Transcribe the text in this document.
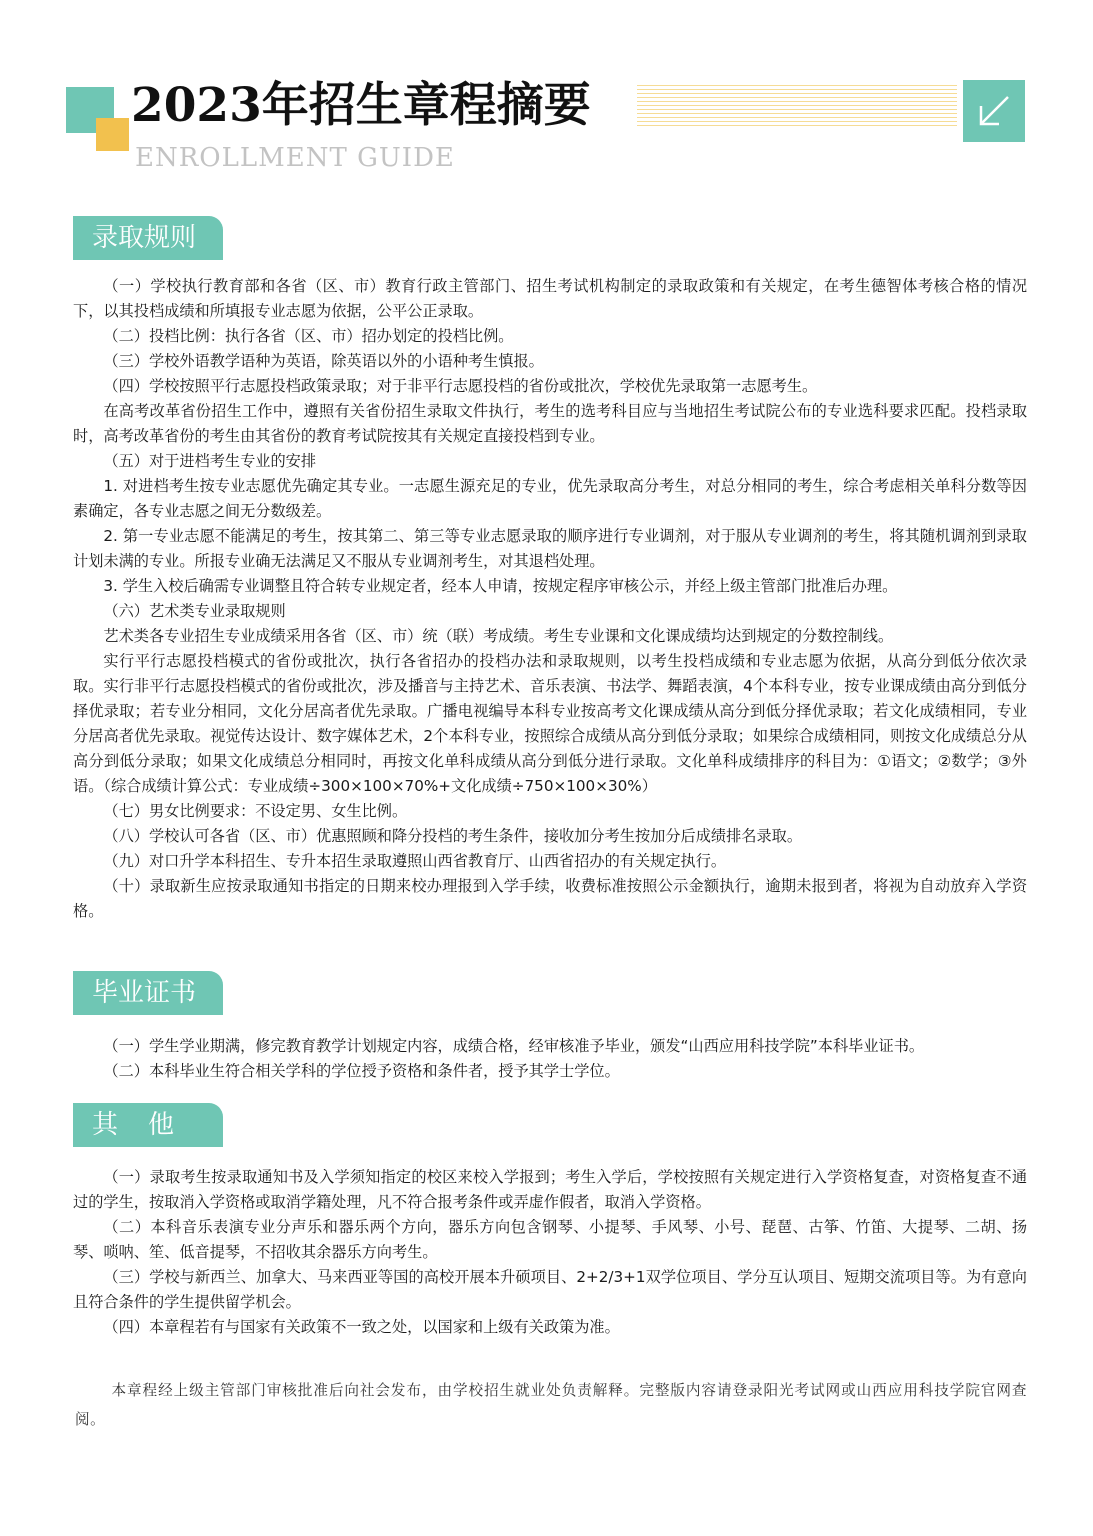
2023年招生章程摘要
ENROLLMENT GUIDE
录取规则

（一）学校执行教育部和各省（区、市）教育行政主管部门、招生考试机构制定的录取政策和有关规定，在考生德智体考核合格的情况下，以其投档成绩和所填报专业志愿为依据，公平公正录取。

（二）投档比例：执行各省（区、市）招办划定的投档比例。

（三）学校外语教学语种为英语，除英语以外的小语种考生慎报。

（四）学校按照平行志愿投档政策录取；对于非平行志愿投档的省份或批次，学校优先录取第一志愿考生。

在高考改革省份招生工作中，遵照有关省份招生录取文件执行，考生的选考科目应与当地招生考试院公布的专业选科要求匹配。投档录取时，高考改革省份的考生由其省份的教育考试院按其有关规定直接投档到专业。

（五）对于进档考生专业的安排

1. 对进档考生按专业志愿优先确定其专业。一志愿生源充足的专业，优先录取高分考生，对总分相同的考生，综合考虑相关单科分数等因素确定，各专业志愿之间无分数级差。

2. 第一专业志愿不能满足的考生，按其第二、第三等专业志愿录取的顺序进行专业调剂，对于服从专业调剂的考生，将其随机调剂到录取计划未满的专业。所报专业确无法满足又不服从专业调剂考生，对其退档处理。

3. 学生入校后确需专业调整且符合转专业规定者，经本人申请，按规定程序审核公示，并经上级主管部门批准后办理。

（六）艺术类专业录取规则

艺术类各专业招生专业成绩采用各省（区、市）统（联）考成绩。考生专业课和文化课成绩均达到规定的分数控制线。

实行平行志愿投档模式的省份或批次，执行各省招办的投档办法和录取规则，以考生投档成绩和专业志愿为依据，从高分到低分依次录取。实行非平行志愿投档模式的省份或批次，涉及播音与主持艺术、音乐表演、书法学、舞蹈表演，4个本科专业，按专业课成绩由高分到低分择优录取；若专业分相同，文化分居高者优先录取。广播电视编导本科专业按高考文化课成绩从高分到低分择优录取；若文化成绩相同，专业分居高者优先录取。视觉传达设计、数字媒体艺术，2个本科专业，按照综合成绩从高分到低分录取；如果综合成绩相同，则按文化成绩总分从高分到低分录取；如果文化成绩总分相同时，再按文化单科成绩从高分到低分进行录取。文化单科成绩排序的科目为：①语文；②数学；③外语。（综合成绩计算公式：专业成绩÷300×100×70%+文化成绩÷750×100×30%）

（七）男女比例要求：不设定男、女生比例。

（八）学校认可各省（区、市）优惠照顾和降分投档的考生条件，接收加分考生按加分后成绩排名录取。

（九）对口升学本科招生、专升本招生录取遵照山西省教育厅、山西省招办的有关规定执行。

（十）录取新生应按录取通知书指定的日期来校办理报到入学手续，收费标准按照公示金额执行，逾期未报到者，将视为自动放弃入学资格。

毕业证书

（一）学生学业期满，修完教育教学计划规定内容，成绩合格，经审核准予毕业，颁发“山西应用科技学院”本科毕业证书。

（二）本科毕业生符合相关学科的学位授予资格和条件者，授予其学士学位。

其他

（一）录取考生按录取通知书及入学须知指定的校区来校入学报到；考生入学后，学校按照有关规定进行入学资格复查，对资格复查不通过的学生，按取消入学资格或取消学籍处理，凡不符合报考条件或弄虚作假者，取消入学资格。

（二）本科音乐表演专业分声乐和器乐两个方向，器乐方向包含钢琴、小提琴、手风琴、小号、琵琶、古筝、竹笛、大提琴、二胡、扬琴、唢呐、笙、低音提琴，不招收其余器乐方向考生。

（三）学校与新西兰、加拿大、马来西亚等国的高校开展本升硕项目、2+2/3+1双学位项目、学分互认项目、短期交流项目等。为有意向且符合条件的学生提供留学机会。

（四）本章程若有与国家有关政策不一致之处，以国家和上级有关政策为准。

本章程经上级主管部门审核批准后向社会发布，由学校招生就业处负责解释。完整版内容请登录阳光考试网或山西应用科技学院官网查阅。
